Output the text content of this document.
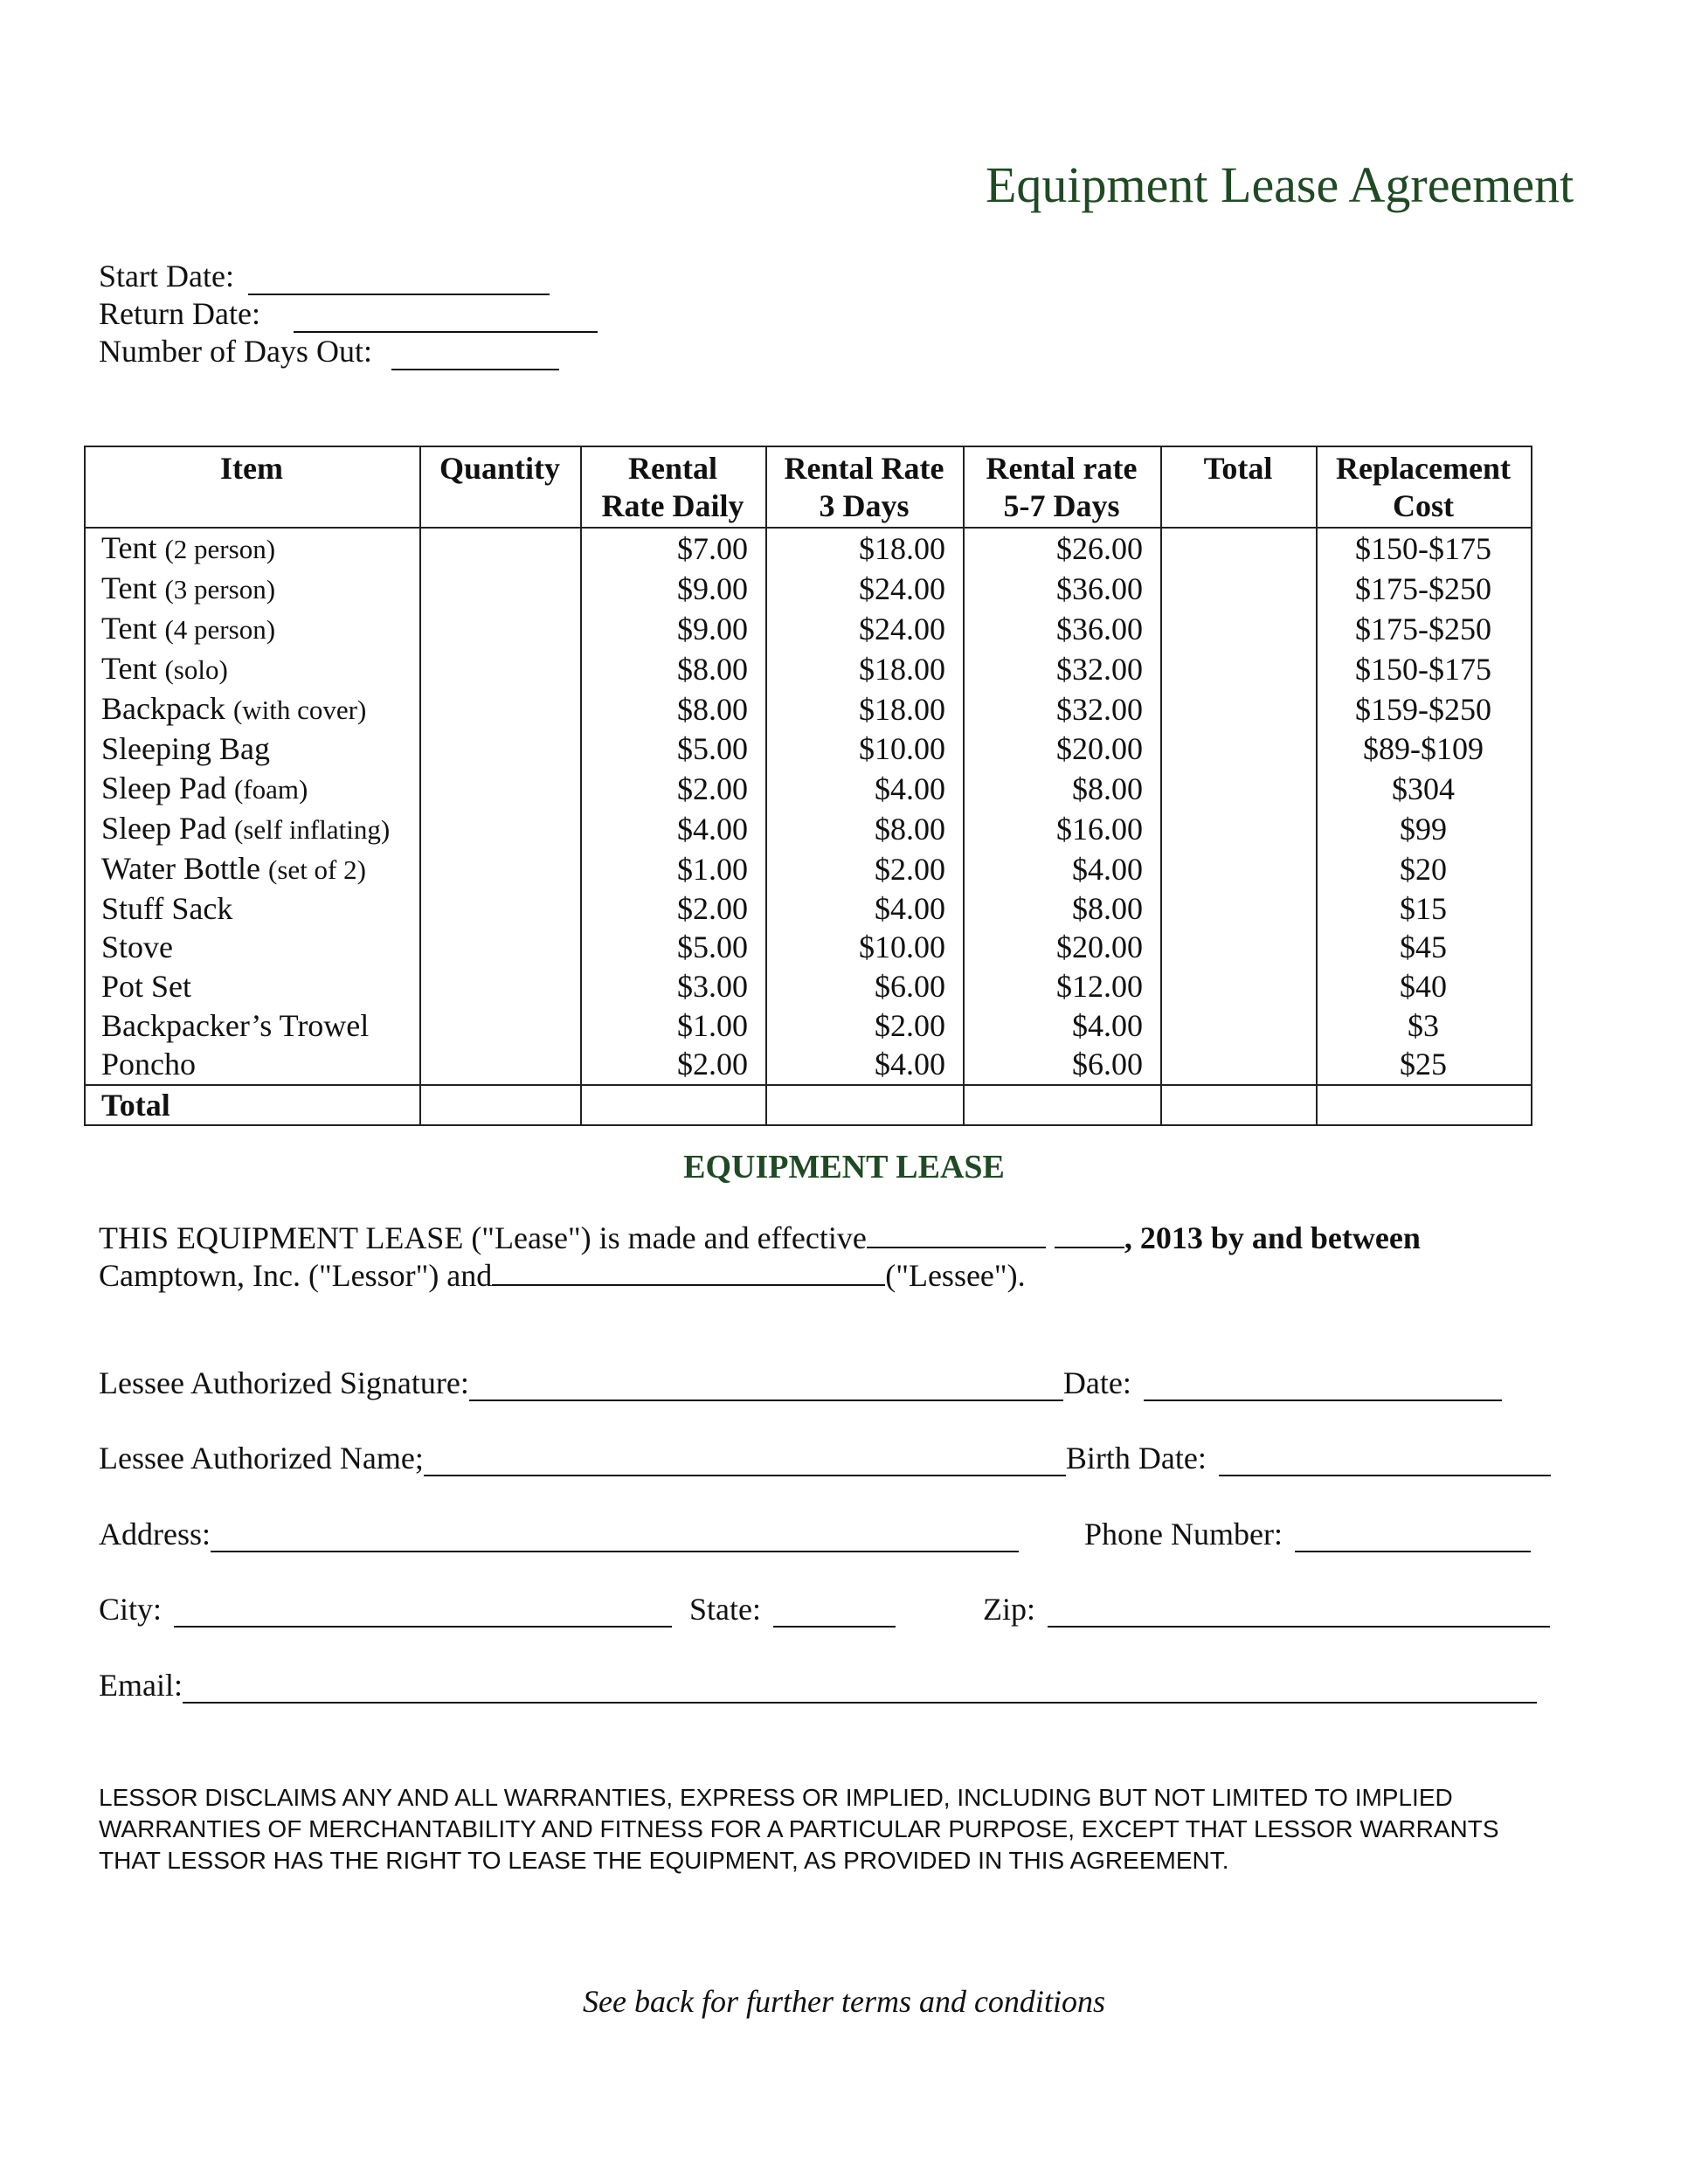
Equipment Lease Agreement
Start Date:
Return Date:
Number of Days Out:
Item	Quantity	Rental Rate Daily	Rental Rate 3 Days	Rental rate 5-7 Days	Total	Replacement Cost
Tent (2 person)		$7.00	$18.00	$26.00		$150-$175
Tent (3 person)		$9.00	$24.00	$36.00		$175-$250
Tent (4 person)		$9.00	$24.00	$36.00		$175-$250
Tent (solo)		$8.00	$18.00	$32.00		$150-$175
Backpack (with cover)		$8.00	$18.00	$32.00		$159-$250
Sleeping Bag		$5.00	$10.00	$20.00		$89-$109
Sleep Pad (foam)		$2.00	$4.00	$8.00		$304
Sleep Pad (self inflating)		$4.00	$8.00	$16.00		$99
Water Bottle (set of 2)		$1.00	$2.00	$4.00		$20
Stuff Sack		$2.00	$4.00	$8.00		$15
Stove		$5.00	$10.00	$20.00		$45
Pot Set		$3.00	$6.00	$12.00		$40
Backpacker’s Trowel		$1.00	$2.00	$4.00		$3
Poncho		$2.00	$4.00	$6.00		$25
Total						
EQUIPMENT LEASE
THIS EQUIPMENT LEASE ("Lease") is made and effective	, 2013 by and between
Camptown, Inc. ("Lessor") and	("Lessee").
Lessee Authorized Signature:	Date:
Lessee Authorized Name;	Birth Date:
Address:	Phone Number:
City:	State:	Zip:
Email:
LESSOR DISCLAIMS ANY AND ALL WARRANTIES, EXPRESS OR IMPLIED, INCLUDING BUT NOT LIMITED TO IMPLIED WARRANTIES OF MERCHANTABILITY AND FITNESS FOR A PARTICULAR PURPOSE, EXCEPT THAT LESSOR WARRANTS THAT LESSOR HAS THE RIGHT TO LEASE THE EQUIPMENT, AS PROVIDED IN THIS AGREEMENT.
See back for further terms and conditions
